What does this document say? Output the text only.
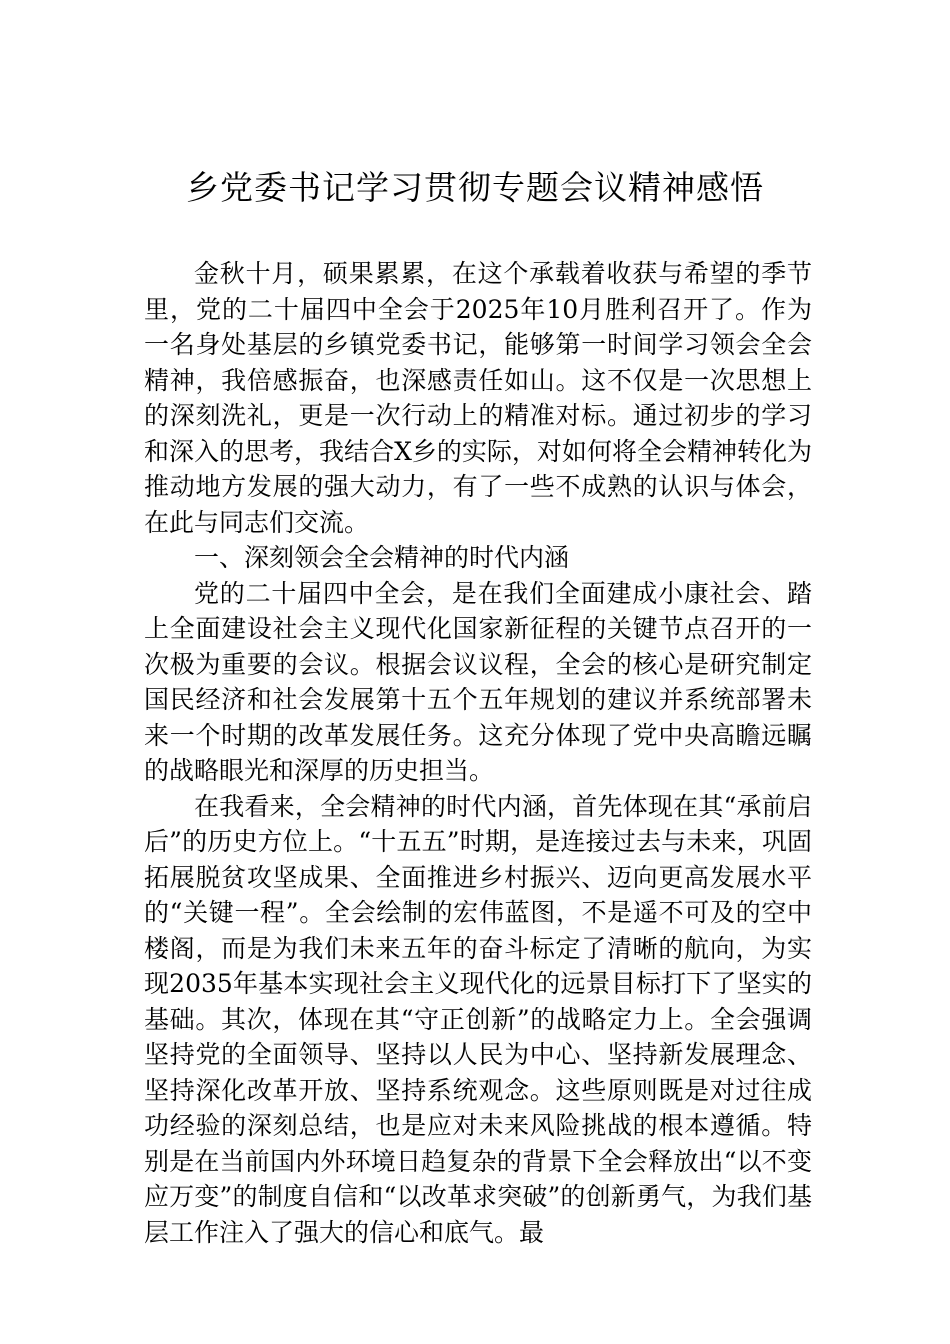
乡党委书记学习贯彻专题会议精神感悟

金秋十月，硕果累累，在这个承载着收获与希望的季节里，党的二十届四中全会于2025年10月胜利召开了。作为一名身处基层的乡镇党委书记，能够第一时间学习领会全会精神，我倍感振奋，也深感责任如山。这不仅是一次思想上的深刻洗礼，更是一次行动上的精准对标。通过初步的学习和深入的思考，我结合X乡的实际，对如何将全会精神转化为推动地方发展的强大动力，有了一些不成熟的认识与体会，在此与同志们交流。

一、深刻领会全会精神的时代内涵

党的二十届四中全会，是在我们全面建成小康社会、踏上全面建设社会主义现代化国家新征程的关键节点召开的一次极为重要的会议。根据会议议程，全会的核心是研究制定国民经济和社会发展第十五个五年规划的建议并系统部署未来一个时期的改革发展任务。这充分体现了党中央高瞻远瞩的战略眼光和深厚的历史担当。

在我看来，全会精神的时代内涵，首先体现在其“承前启后”的历史方位上。“十五五”时期，是连接过去与未来，巩固拓展脱贫攻坚成果、全面推进乡村振兴、迈向更高发展水平的“关键一程”。全会绘制的宏伟蓝图，不是遥不可及的空中楼阁，而是为我们未来五年的奋斗标定了清晰的航向，为实现2035年基本实现社会主义现代化的远景目标打下了坚实的基础。其次，体现在其“守正创新”的战略定力上。全会强调坚持党的全面领导、坚持以人民为中心、坚持新发展理念、坚持深化改革开放、坚持系统观念。这些原则既是对过往成功经验的深刻总结，也是应对未来风险挑战的根本遵循。特别是在当前国内外环境日趋复杂的背景下全会释放出“以不变应万变”的制度自信和“以改革求突破”的创新勇气，为我们基层工作注入了强大的信心和底气。最
